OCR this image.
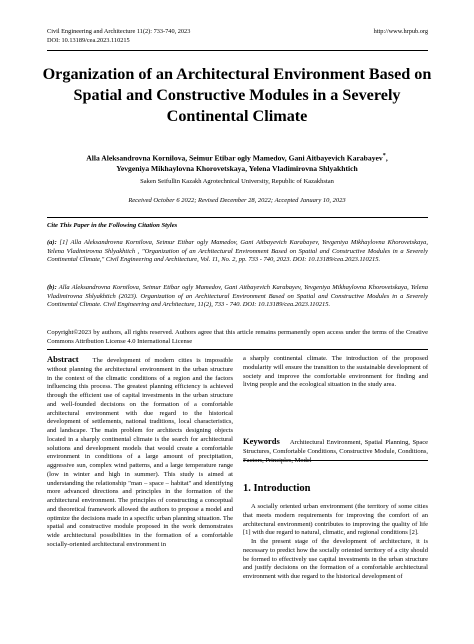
Civil Engineering and Architecture 11(2): 733-740, 2023
DOI: 10.13189/cea.2023.110215
http://www.hrpub.org
Organization of an Architectural Environment Based on Spatial and Constructive Modules in a Severely Continental Climate
Alla Aleksandrovna Kornilova, Seimur Etibar ogly Mamedov, Gani Aitbayevich Karabayev*,
Yevgeniya Mikhaylovna Khorovetskaya, Yelena Vladimirovna Shlyakhtich
Saken Seifullin Kazakh Agrotechnical University, Republic of Kazakhstan
Received October 6 2022; Revised December 28, 2022; Accepted January 10, 2023
Cite This Paper in the Following Citation Styles
(a): [1] Alla Aleksandrovna Kornilova, Seimur Etibar ogly Mamedov, Gani Aitbayevich Karabayev, Yevgeniya Mikhaylovna Khorovetskaya, Yelena Vladimirovna Shlyakhtich , "Organization of an Architectural Environment Based on Spatial and Constructive Modules in a Severely Continental Climate," Civil Engineering and Architecture, Vol. 11, No. 2, pp. 733 - 740, 2023. DOI: 10.13189/cea.2023.110215.
(b): Alla Aleksandrovna Kornilova, Seimur Etibar ogly Mamedov, Gani Aitbayevich Karabayev, Yevgeniya Mikhaylovna Khorovetskaya, Yelena Vladimirovna Shlyakhtich (2023). Organization of an Architectural Environment Based on Spatial and Constructive Modules in a Severely Continental Climate. Civil Engineering and Architecture, 11(2), 733 - 740. DOI: 10.13189/cea.2023.110215.
Copyright©2023 by authors, all rights reserved. Authors agree that this article remains permanently open access under the terms of the Creative Commons Attribution License 4.0 International License
Abstract The development of modern cities is impossible without planning the architectural environment in the urban structure in the context of the climatic conditions of a region and the factors influencing this process. The greatest planning efficiency is achieved through the efficient use of capital investments in the urban structure and well-founded decisions on the formation of a comfortable architectural environment with due regard to the historical development of settlements, national traditions, local characteristics, and landscape. The main problem for architects designing objects located in a sharply continental climate is the search for architectural solutions and development models that would create a comfortable environment in conditions of a large amount of precipitation, aggressive sun, complex wind patterns, and a large temperature range (low in winter and high in summer). This study is aimed at understanding the relationship "man – space – habitat" and identifying more advanced directions and principles in the formation of the architectural environment. The principles of constructing a conceptual and theoretical framework allowed the authors to propose a model and optimize the decisions made in a specific urban planning situation. The spatial and constructive module proposed in the work demonstrates wide architectural possibilities in the formation of a comfortable socially-oriented architectural environment in
a sharply continental climate. The introduction of the proposed modularity will ensure the transition to the sustainable development of society and improve the comfortable environment for finding and living people and the ecological situation in the study area.
Keywords Architectural Environment, Spatial Planning, Space Structures, Comfortable Conditions, Constructive Module, Conditions, Factors, Principles, Model
1. Introduction

A socially oriented urban environment (the territory of some cities that meets modern requirements for improving the comfort of an architectural environment) contributes to improving the quality of life [1] with due regard to natural, climatic, and regional conditions [2].

In the present stage of the development of architecture, it is necessary to predict how the socially oriented territory of a city should be formed to effectively use capital investments in the urban structure and justify decisions on the formation of a comfortable architectural environment with due regard to the historical development of
